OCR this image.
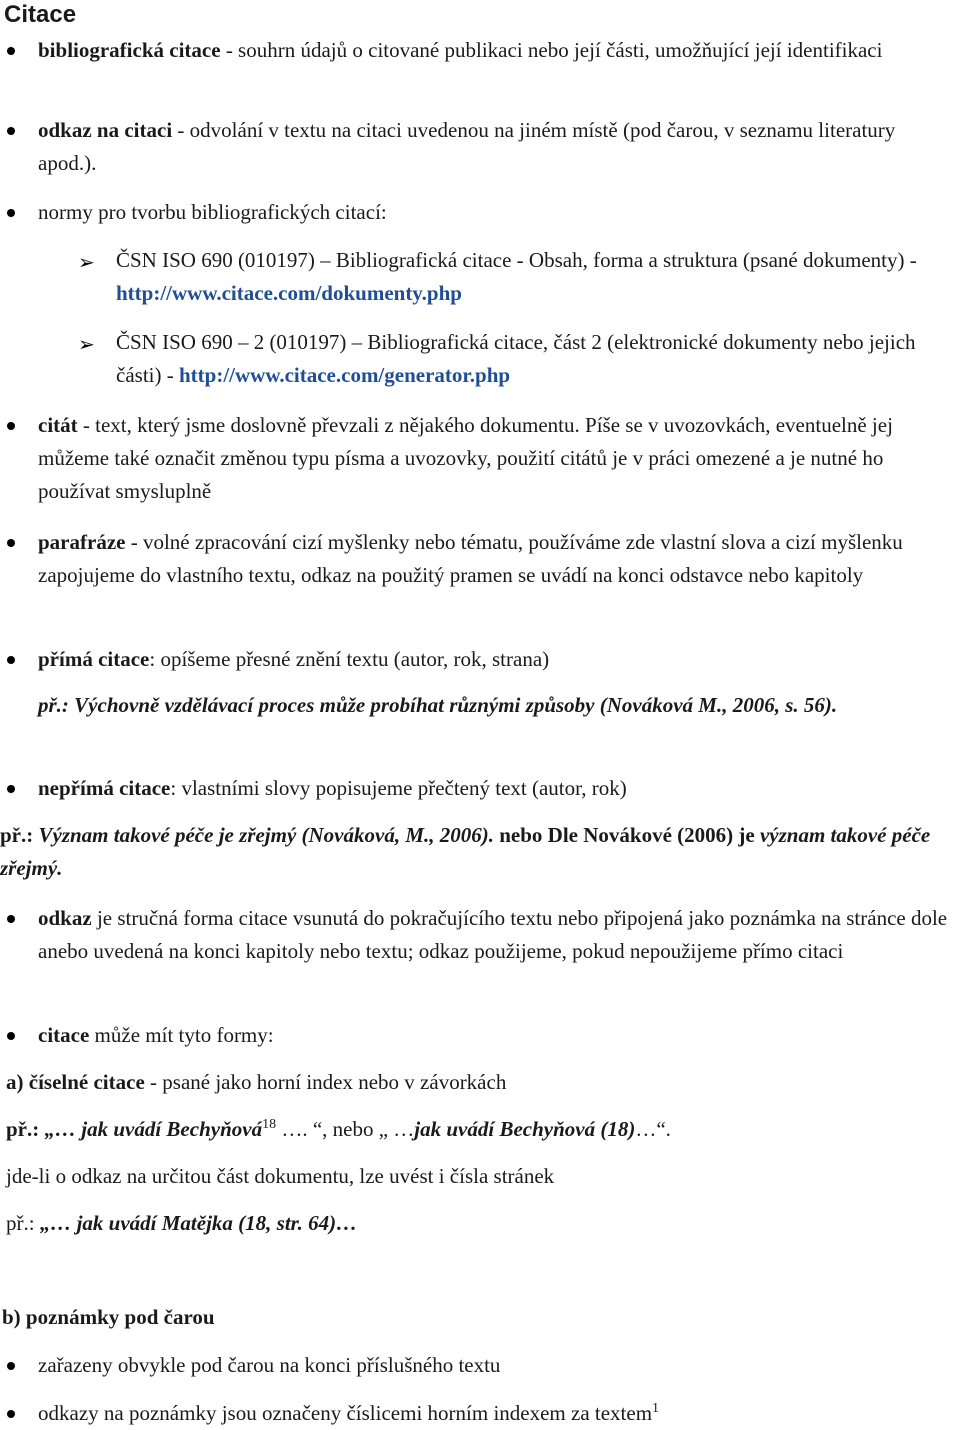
Citace

bibliografická citace - souhrn údajů o citované publikaci nebo její části, umožňující její identifikaci

odkaz na citaci - odvolání v textu na citaci uvedenou na jiném místě (pod čarou, v seznamu literatury apod.).

normy pro tvorbu bibliografických citací:

➢ ČSN ISO 690 (010197) – Bibliografická citace - Obsah, forma a struktura (psané dokumenty) - http://www.citace.com/dokumenty.php
➢ ČSN ISO 690 – 2 (010197) – Bibliografická citace, část 2 (elektronické dokumenty nebo jejich části) - http://www.citace.com/generator.php

citát - text, který jsme doslovně převzali z nějakého dokumentu. Píše se v uvozovkách, eventuelně jej můžeme také označit změnou typu písma a uvozovky, použití citátů je v práci omezené a je nutné ho používat smysluplně

parafráze - volné zpracování cizí myšlenky nebo tématu, používáme zde vlastní slova a cizí myšlenku zapojujeme do vlastního textu, odkaz na použitý pramen se uvádí na konci odstavce nebo kapitoly

přímá citace: opíšeme přesné znění textu (autor, rok, strana)

př.: Výchovně vzdělávací proces může probíhat různými způsoby (Nováková M., 2006, s. 56).

nepřímá citace: vlastními slovy popisujeme přečtený text (autor, rok)

př.: Význam takové péče je zřejmý (Nováková, M., 2006). nebo Dle Novákové (2006) je význam takové péče zřejmý.

odkaz je stručná forma citace vsunutá do pokračujícího textu nebo připojená jako poznámka na stránce dole anebo uvedená na konci kapitoly nebo textu; odkaz použijeme, pokud nepoužijeme přímo citaci

citace může mít tyto formy:

a) číselné citace - psané jako horní index nebo v závorkách
př.: „… jak uvádí Bechyňová$^{18}$ …. “, nebo „ …jak uvádí Bechyňová (18)…“.
jde-li o odkaz na určitou část dokumentu, lze uvést i čísla stránek
př.: „… jak uvádí Matějka (18, str. 64)…
b) poznámky pod čarou

zařazeny obvykle pod čarou na konci příslušného textu

odkazy na poznámky jsou označeny číslicemi horním indexem za textem$^1$
